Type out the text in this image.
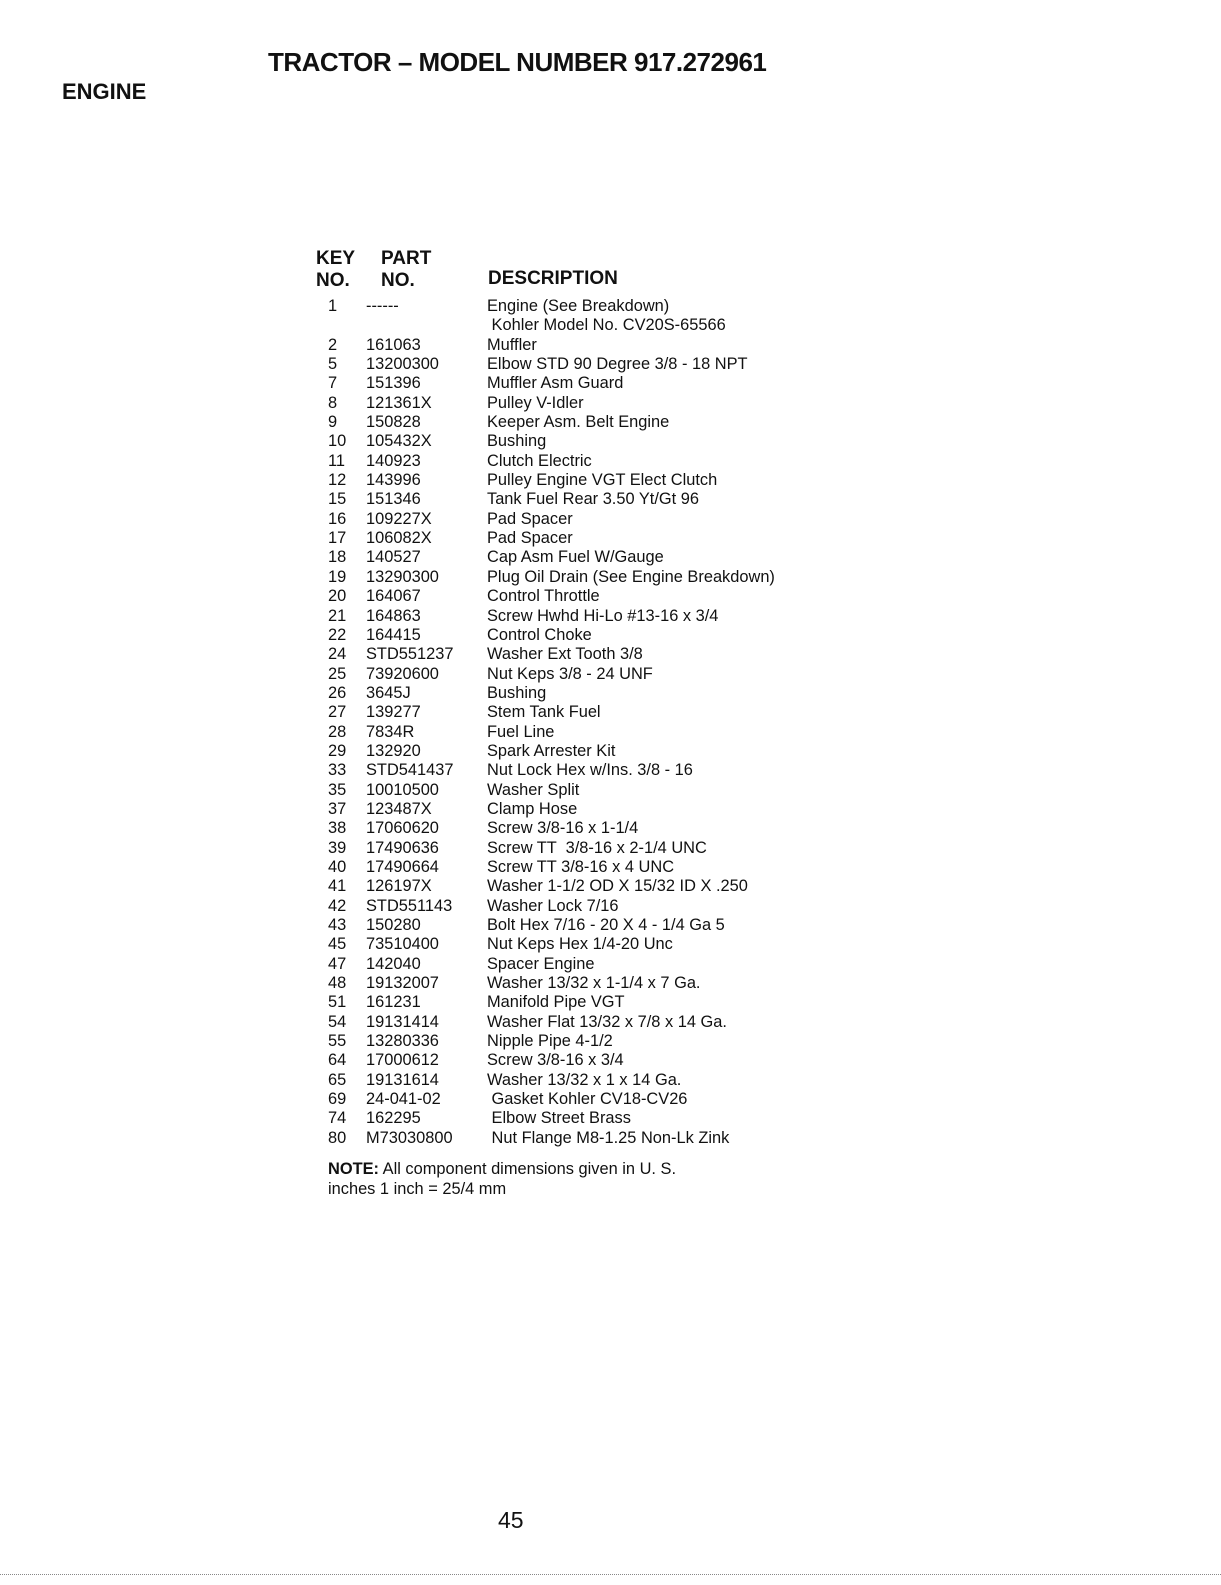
TRACTOR – MODEL NUMBER 917.272961
ENGINE
KEY
NO.
PART
NO.	DESCRIPTION
1	------	Engine (See Breakdown)
Kohler Model No. CV20S-65566
2	161063	Muffler
5	13200300	Elbow STD 90 Degree 3/8 - 18 NPT
7	151396	Muffler Asm Guard
8	121361X	Pulley V-Idler
9	150828	Keeper Asm. Belt Engine
10	105432X	Bushing
11	140923	Clutch Electric
12	143996	Pulley Engine VGT Elect Clutch
15	151346	Tank Fuel Rear 3.50 Yt/Gt 96
16	109227X	Pad Spacer
17	106082X	Pad Spacer
18	140527	Cap Asm Fuel W/Gauge
19	13290300	Plug Oil Drain (See Engine Breakdown)
20	164067	Control Throttle
21	164863	Screw Hwhd Hi-Lo #13-16 x 3/4
22	164415	Control Choke
24	STD551237	Washer Ext Tooth 3/8
25	73920600	Nut Keps 3/8 - 24 UNF
26	3645J	Bushing
27	139277	Stem Tank Fuel
28	7834R	Fuel Line
29	132920	Spark Arrester Kit
33	STD541437	Nut Lock Hex w/Ins. 3/8 - 16
35	10010500	Washer Split
37	123487X	Clamp Hose
38	17060620	Screw 3/8-16 x 1-1/4
39	17490636	Screw TT  3/8-16 x 2-1/4 UNC
40	17490664	Screw TT 3/8-16 x 4 UNC
41	126197X	Washer 1-1/2 OD X 15/32 ID X .250
42	STD551143	Washer Lock 7/16
43	150280	Bolt Hex 7/16 - 20 X 4 - 1/4 Ga 5
45	73510400	Nut Keps Hex 1/4-20 Unc
47	142040	Spacer Engine
48	19132007	Washer 13/32 x 1-1/4 x 7 Ga.
51	161231	Manifold Pipe VGT
54	19131414	Washer Flat 13/32 x 7/8 x 14 Ga.
55	13280336	Nipple Pipe 4-1/2
64	17000612	Screw 3/8-16 x 3/4
65	19131614	Washer 13/32 x 1 x 14 Ga.
69	24-041-02	Gasket Kohler CV18-CV26
74	162295	Elbow Street Brass
80	M73030800	Nut Flange M8-1.25 Non-Lk Zink
NOTE: All component dimensions given in U. S.
inches 1 inch = 25/4 mm
45
